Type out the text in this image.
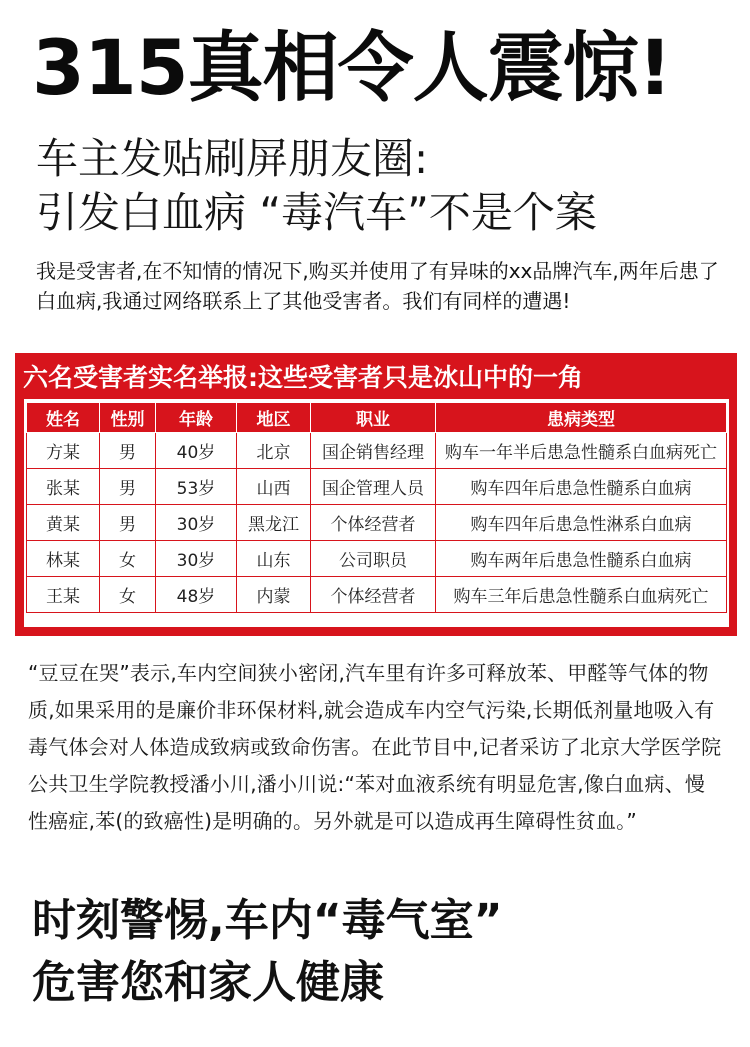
315真相令人震惊!
车主发贴刷屏朋友圈:
引发白血病 “毒汽车”不是个案
我是受害者,在不知情的情况下,购买并使用了有异味的xx品牌汽车,两年后患了白血病,我通过网络联系上了其他受害者。我们有同样的遭遇!
六名受害者实名举报:这些受害者只是冰山中的一角
姓名	性别	年龄	地区	职业	患病类型
方某	男	40岁	北京	国企销售经理	购车一年半后患急性髓系白血病死亡
张某	男	53岁	山西	国企管理人员	购车四年后患急性髓系白血病
黄某	男	30岁	黑龙江	个体经营者	购车四年后患急性淋系白血病
林某	女	30岁	山东	公司职员	购车两年后患急性髓系白血病
王某	女	48岁	内蒙	个体经营者	购车三年后患急性髓系白血病死亡

“豆豆在哭”表示,车内空间狭小密闭,汽车里有许多可释放苯、甲醛等气体的物质,如果采用的是廉价非环保材料,就会造成车内空气污染,长期低剂量地吸入有毒气体会对人体造成致病或致命伤害。在此节目中,记者采访了北京大学医学院公共卫生学院教授潘小川,潘小川说:“苯对血液系统有明显危害,像白血病、慢性癌症,苯(的致癌性)是明确的。另外就是可以造成再生障碍性贫血。”

时刻警惕,车内“毒气室”
危害您和家人健康
